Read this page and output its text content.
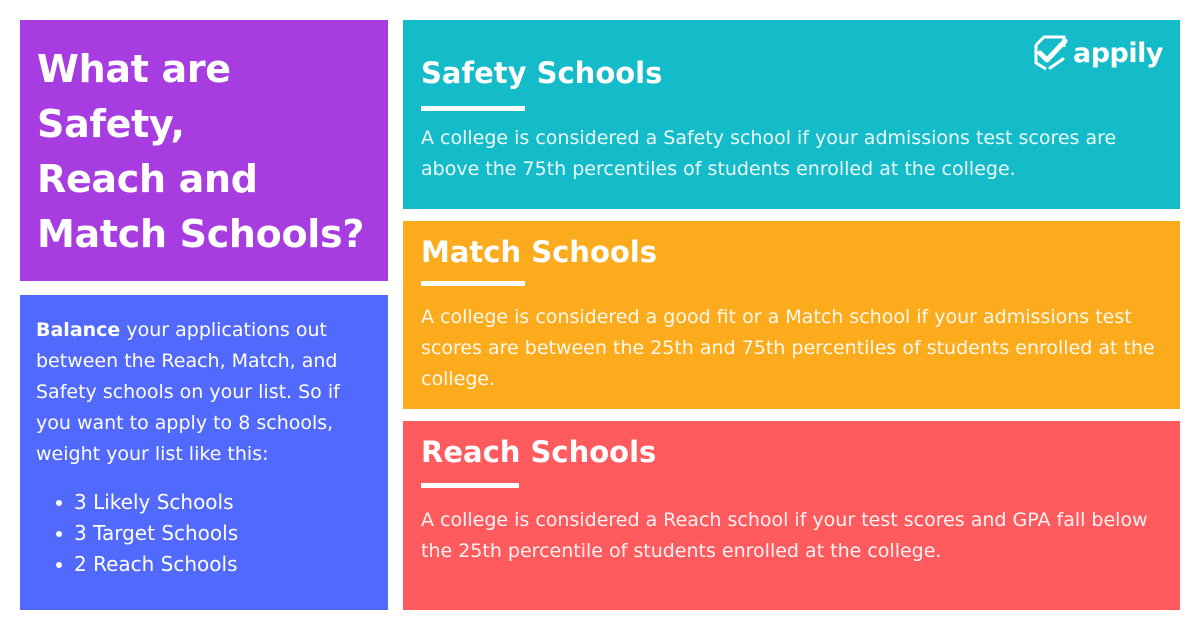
What are
Safety,
Reach and
Match Schools?
Balance your applications out between the Reach, Match, and Safety schools on your list. So if you want to apply to 8 schools, weight your list like this:
3 Likely Schools
3 Target Schools
2 Reach Schools
Safety Schools

A college is considered a Safety school if your admissions test scores are above the 75th percentiles of students enrolled at the college.

Match Schools

A college is considered a good fit or a Match school if your admissions test scores are between the 25th and 75th percentiles of students enrolled at the college.

Reach Schools

A college is considered a Reach school if your test scores and GPA fall below the 25th percentile of students enrolled at the college.

appily
